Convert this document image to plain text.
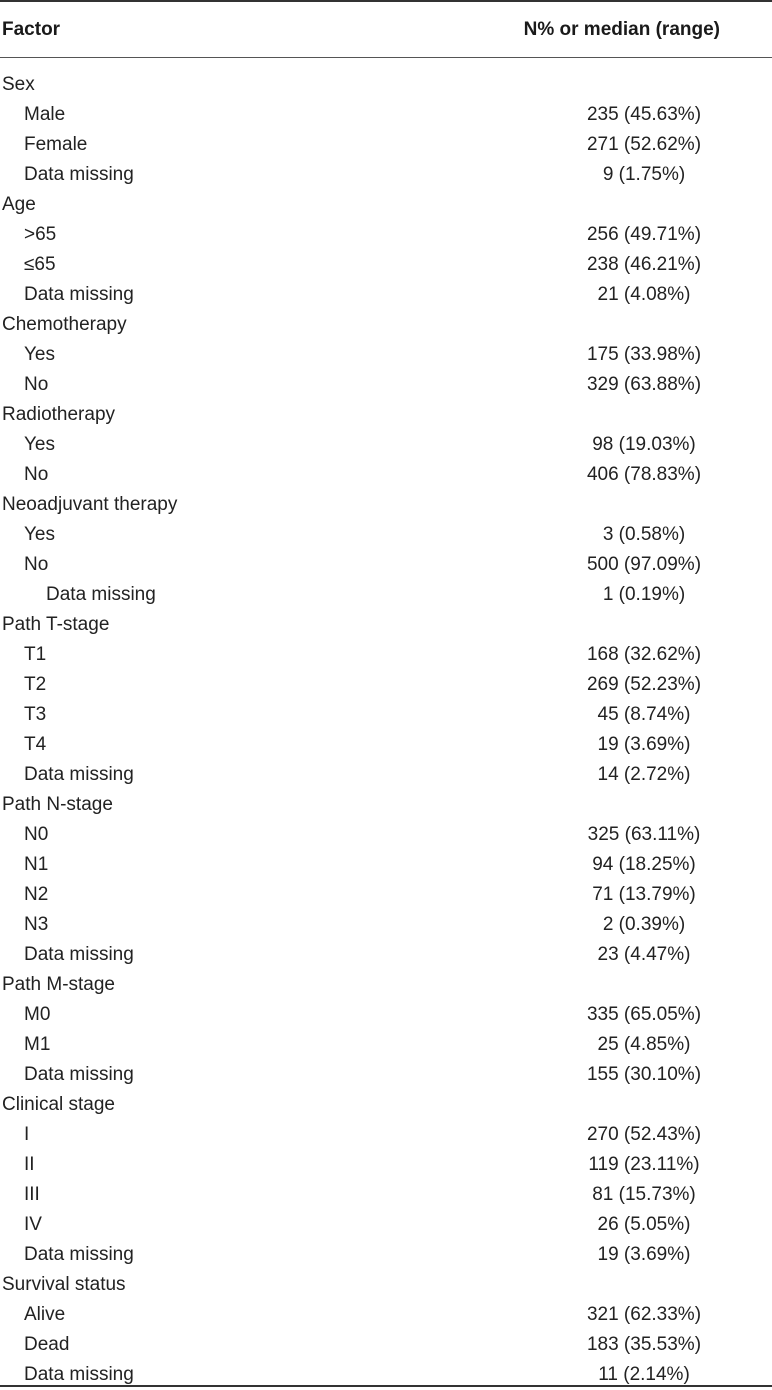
Factor	N% or median (range)
Sex
Male	235 (45.63%)
Female	271 (52.62%)
Data missing	9 (1.75%)
Age
>65	256 (49.71%)
≤65	238 (46.21%)
Data missing	21 (4.08%)
Chemotherapy
Yes	175 (33.98%)
No	329 (63.88%)
Radiotherapy
Yes	98 (19.03%)
No	406 (78.83%)
Neoadjuvant therapy
Yes	3 (0.58%)
No	500 (97.09%)
Data missing	1 (0.19%)
Path T-stage
T1	168 (32.62%)
T2	269 (52.23%)
T3	45 (8.74%)
T4	19 (3.69%)
Data missing	14 (2.72%)
Path N-stage
N0	325 (63.11%)
N1	94 (18.25%)
N2	71 (13.79%)
N3	2 (0.39%)
Data missing	23 (4.47%)
Path M-stage
M0	335 (65.05%)
M1	25 (4.85%)
Data missing	155 (30.10%)
Clinical stage
I	270 (52.43%)
II	119 (23.11%)
III	81 (15.73%)
IV	26 (5.05%)
Data missing	19 (3.69%)
Survival status
Alive	321 (62.33%)
Dead	183 (35.53%)
Data missing	11 (2.14%)
